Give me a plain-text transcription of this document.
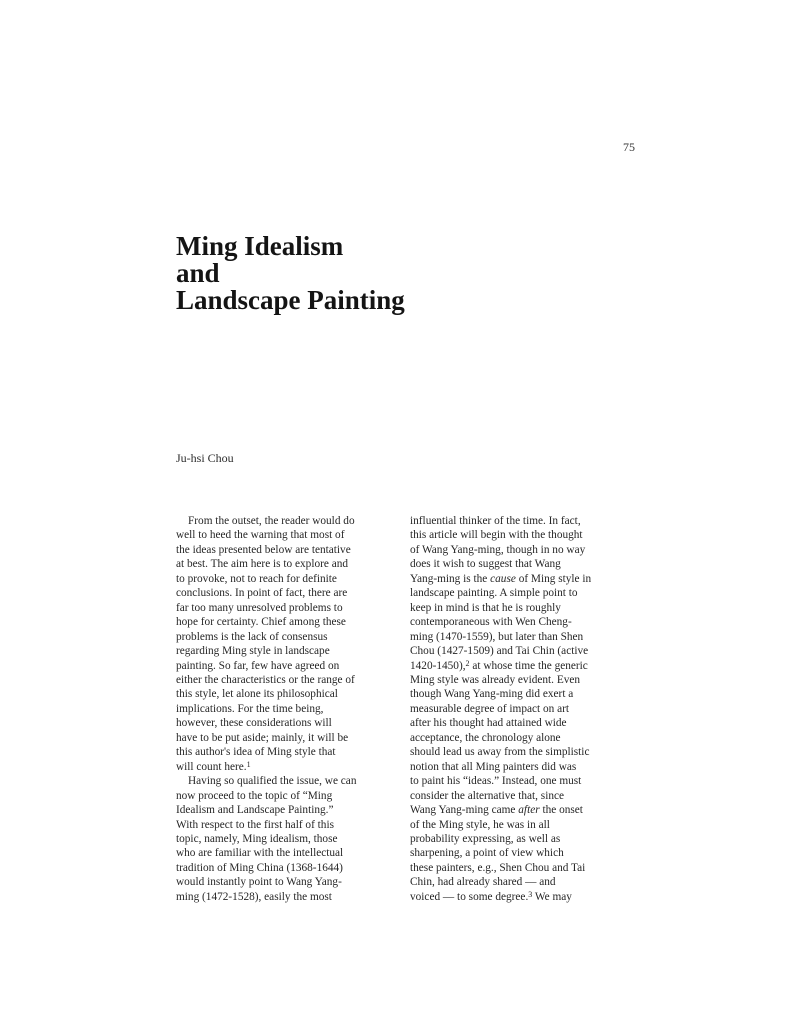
75
Ming Idealism
and
Landscape Painting
Ju-hsi Chou
From the outset, the reader would do
well to heed the warning that most of
the ideas presented below are tentative
at best. The aim here is to explore and
to provoke, not to reach for definite
conclusions. In point of fact, there are
far too many unresolved problems to
hope for certainty. Chief among these
problems is the lack of consensus
regarding Ming style in landscape
painting. So far, few have agreed on
either the characteristics or the range of
this style, let alone its philosophical
implications. For the time being,
however, these considerations will
have to be put aside; mainly, it will be
this author's idea of Ming style that
will count here.$^1$
Having so qualified the issue, we can
now proceed to the topic of “Ming
Idealism and Landscape Painting.”
With respect to the first half of this
topic, namely, Ming idealism, those
who are familiar with the intellectual
tradition of Ming China (1368-1644)
would instantly point to Wang Yang-
ming (1472-1528), easily the most
influential thinker of the time. In fact,
this article will begin with the thought
of Wang Yang-ming, though in no way
does it wish to suggest that Wang
Yang-ming is the cause of Ming style in
landscape painting. A simple point to
keep in mind is that he is roughly
contemporaneous with Wen Cheng-
ming (1470-1559), but later than Shen
Chou (1427-1509) and Tai Chin (active
1420-1450),$^2$ at whose time the generic
Ming style was already evident. Even
though Wang Yang-ming did exert a
measurable degree of impact on art
after his thought had attained wide
acceptance, the chronology alone
should lead us away from the simplistic
notion that all Ming painters did was
to paint his “ideas.” Instead, one must
consider the alternative that, since
Wang Yang-ming came after the onset
of the Ming style, he was in all
probability expressing, as well as
sharpening, a point of view which
these painters, e.g., Shen Chou and Tai
Chin, had already shared — and
voiced — to some degree.$^3$ We may
